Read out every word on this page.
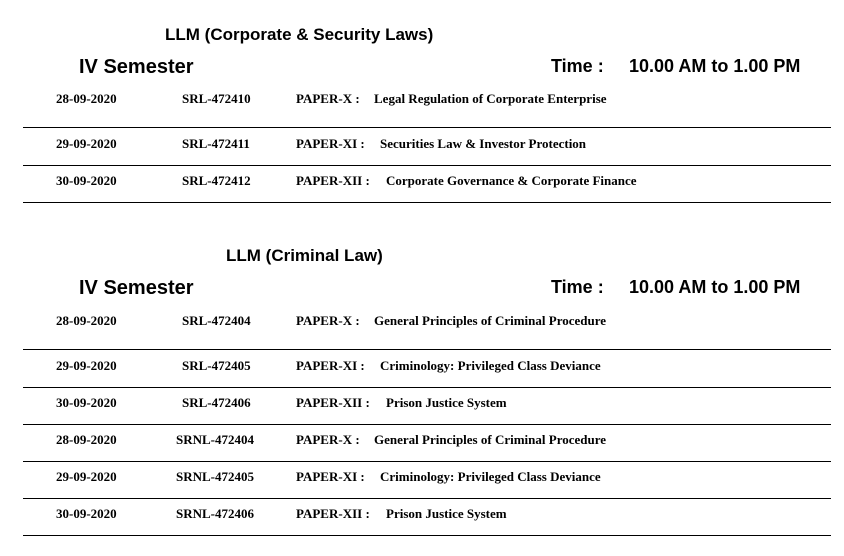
LLM (Corporate & Security Laws)
IV Semester	Time : 10.00 AM to 1.00 PM
28-09-2020	SRL-472410	PAPER-X : Legal Regulation of Corporate Enterprise
29-09-2020	SRL-472411	PAPER-XI : Securities Law & Investor Protection
30-09-2020	SRL-472412	PAPER-XII : Corporate Governance & Corporate Finance
LLM (Criminal Law)
IV Semester	Time : 10.00 AM to 1.00 PM
28-09-2020	SRL-472404	PAPER-X : General Principles of Criminal Procedure
29-09-2020	SRL-472405	PAPER-XI : Criminology: Privileged Class Deviance
30-09-2020	SRL-472406	PAPER-XII : Prison Justice System
28-09-2020	SRNL-472404	PAPER-X : General Principles of Criminal Procedure
29-09-2020	SRNL-472405	PAPER-XI : Criminology: Privileged Class Deviance
30-09-2020	SRNL-472406	PAPER-XII : Prison Justice System
